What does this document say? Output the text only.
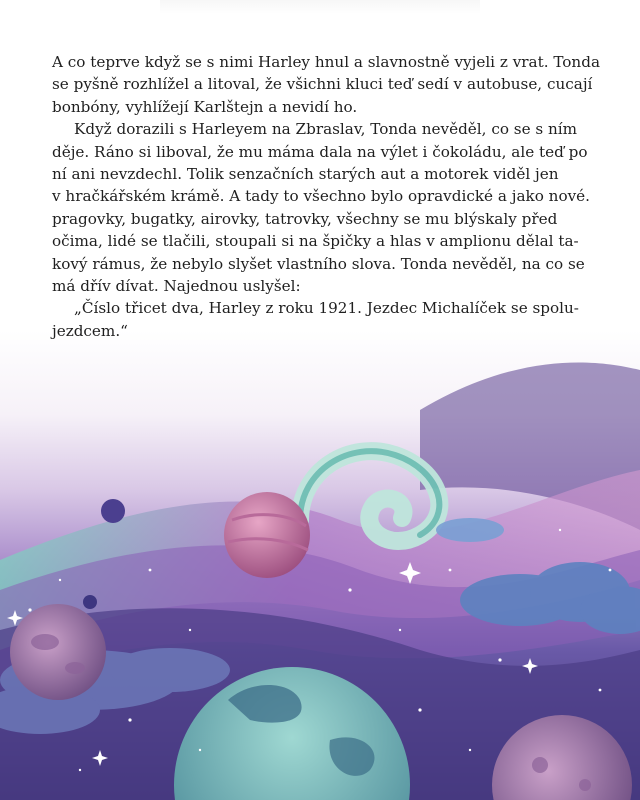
A co teprve když se s nimi Harley hnul a slavnostně vyjeli z vrat. Tonda
se pyšně rozhlížel a litoval, že všichni kluci teď sedí v autobuse, cucají
bonbóny, vyhlížejí Karlštejn a nevidí ho.

Když dorazili s Harleyem na Zbraslav, Tonda nevěděl, co se s ním
děje. Ráno si liboval, že mu máma dala na výlet i čokoládu, ale teď po
ní ani nevzdechl. Tolik senzačních starých aut a motorek viděl jen
v hračkářském krámě. A tady to všechno bylo opravdické a jako nové.
pragovky, bugatky, airovky, tatrovky, všechny se mu blýskaly před
očima, lidé se tlačili, stoupali si na špičky a hlas v amplionu dělal ta-
kový rámus, že nebylo slyšet vlastního slova. Tonda nevěděl, na co se
má dřív dívat. Najednou uslyšel:

„Číslo třicet dva, Harley z roku 1921. Jezdec Michalíček se spolu-
jezdcem.“
